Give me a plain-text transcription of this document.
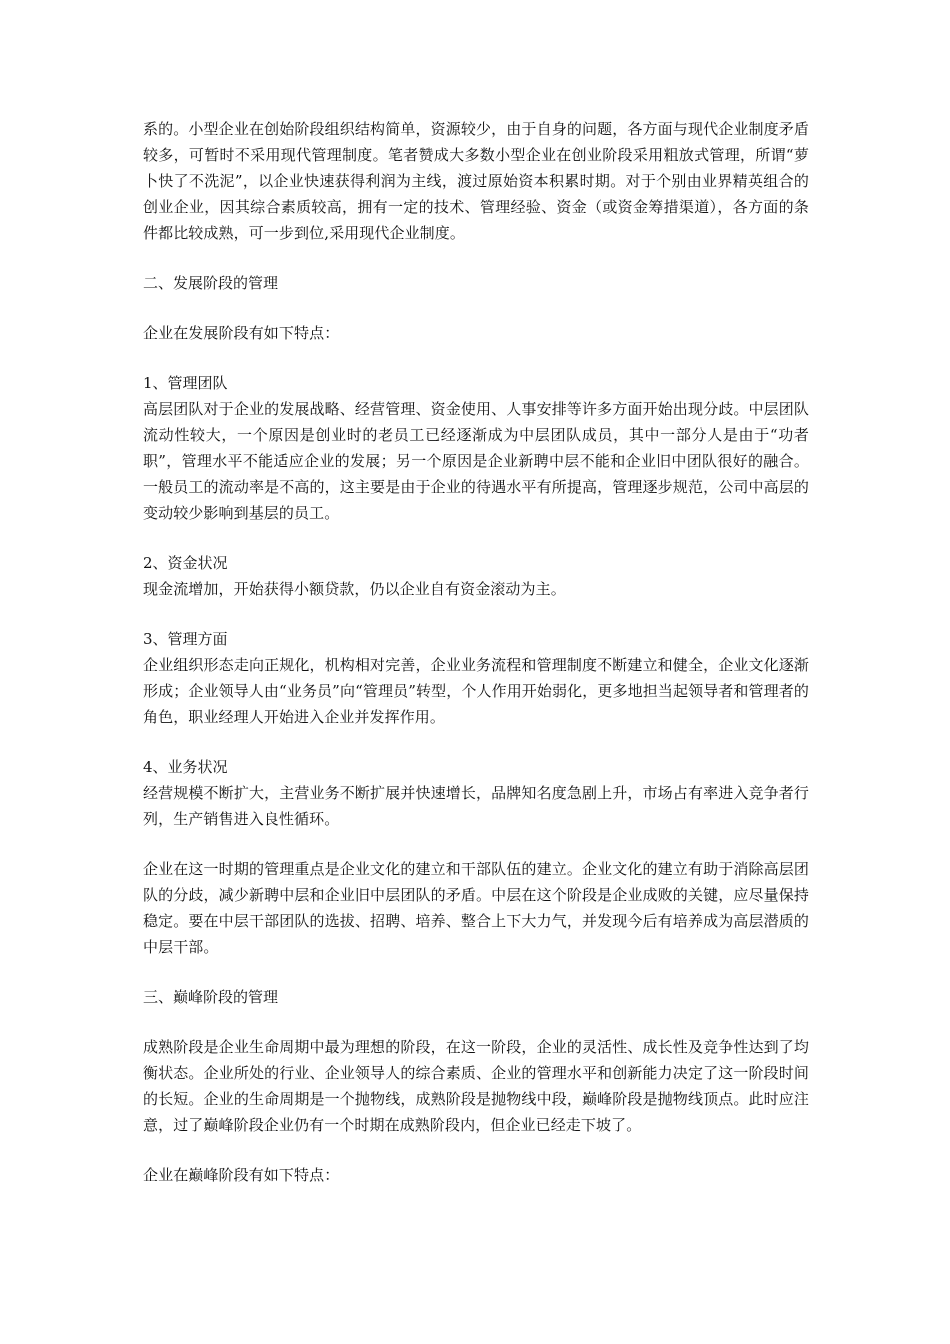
系的。小型企业在创始阶段组织结构简单，资源较少，由于自身的问题，各方面与现代企业制度矛盾较多，可暂时不采用现代管理制度。笔者赞成大多数小型企业在创业阶段采用粗放式管理，所谓“萝卜快了不洗泥”，以企业快速获得利润为主线，渡过原始资本积累时期。对于个别由业界精英组合的创业企业，因其综合素质较高，拥有一定的技术、管理经验、资金（或资金筹措渠道），各方面的条件都比较成熟，可一步到位,采用现代企业制度。

二、发展阶段的管理

企业在发展阶段有如下特点：

1、管理团队

高层团队对于企业的发展战略、经营管理、资金使用、人事安排等许多方面开始出现分歧。中层团队流动性较大，一个原因是创业时的老员工已经逐渐成为中层团队成员，其中一部分人是由于“功者职”，管理水平不能适应企业的发展；另一个原因是企业新聘中层不能和企业旧中团队很好的融合。一般员工的流动率是不高的，这主要是由于企业的待遇水平有所提高，管理逐步规范，公司中高层的变动较少影响到基层的员工。

2、资金状况

现金流增加，开始获得小额贷款，仍以企业自有资金滚动为主。

3、管理方面

企业组织形态走向正规化，机构相对完善，企业业务流程和管理制度不断建立和健全，企业文化逐渐形成；企业领导人由“业务员”向“管理员”转型，个人作用开始弱化，更多地担当起领导者和管理者的角色，职业经理人开始进入企业并发挥作用。

4、业务状况

经营规模不断扩大，主营业务不断扩展并快速增长，品牌知名度急剧上升，市场占有率进入竞争者行列，生产销售进入良性循环。

企业在这一时期的管理重点是企业文化的建立和干部队伍的建立。企业文化的建立有助于消除高层团队的分歧，减少新聘中层和企业旧中层团队的矛盾。中层在这个阶段是企业成败的关键，应尽量保持稳定。要在中层干部团队的选拔、招聘、培养、整合上下大力气，并发现今后有培养成为高层潜质的中层干部。

三、巅峰阶段的管理

成熟阶段是企业生命周期中最为理想的阶段，在这一阶段，企业的灵活性、成长性及竞争性达到了均衡状态。企业所处的行业、企业领导人的综合素质、企业的管理水平和创新能力决定了这一阶段时间的长短。企业的生命周期是一个抛物线，成熟阶段是抛物线中段，巅峰阶段是抛物线顶点。此时应注意，过了巅峰阶段企业仍有一个时期在成熟阶段内，但企业已经走下坡了。

企业在巅峰阶段有如下特点：
